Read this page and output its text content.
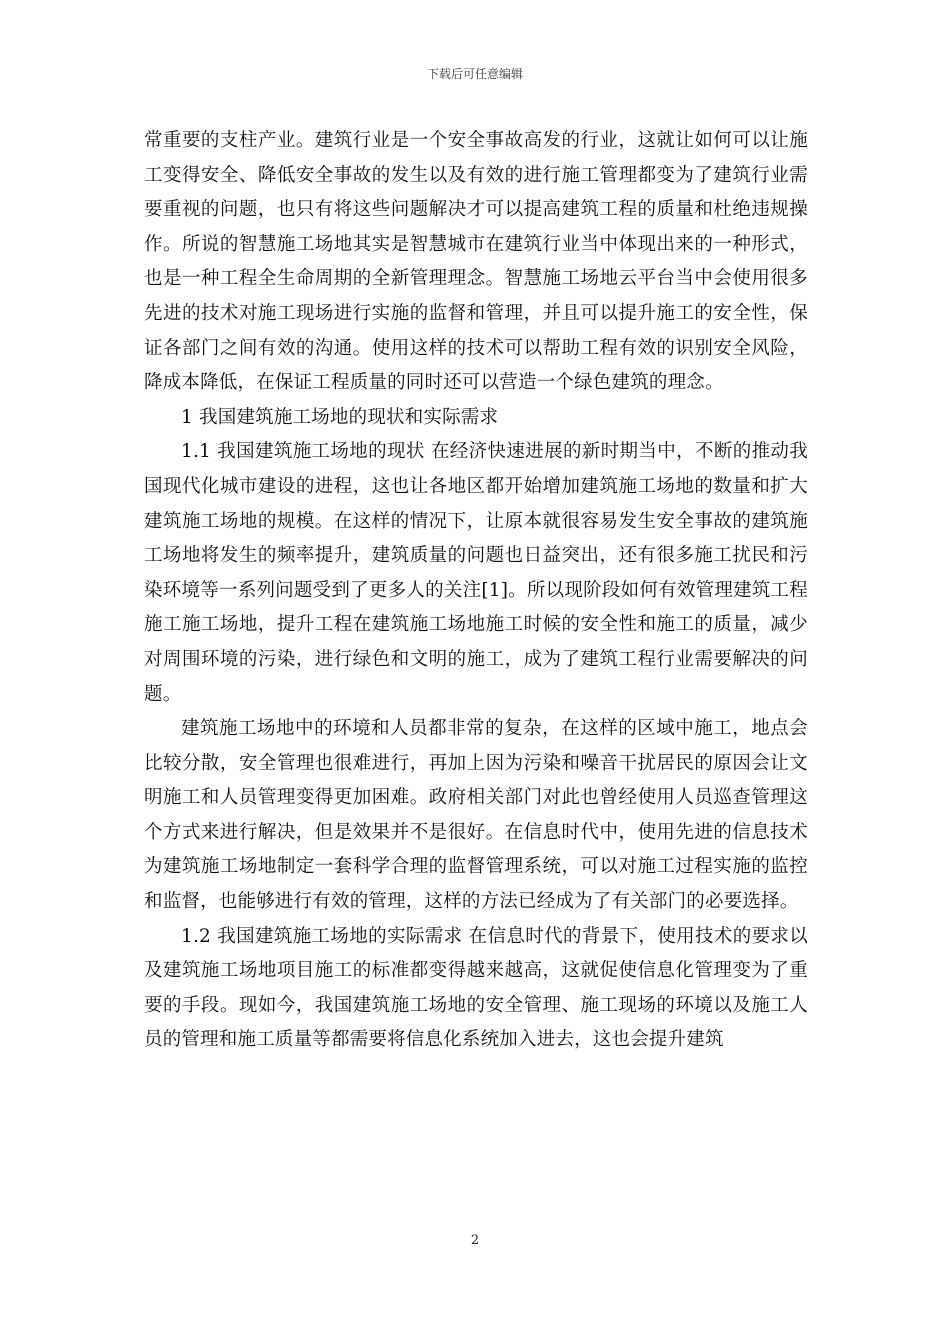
下载后可任意编辑

常重要的支柱产业。建筑行业是一个安全事故高发的行业，这就让如何可以让施工变得安全、降低安全事故的发生以及有效的进行施工管理都变为了建筑行业需要重视的问题，也只有将这些问题解决才可以提高建筑工程的质量和杜绝违规操作。所说的智慧施工场地其实是智慧城市在建筑行业当中体现出来的一种形式，也是一种工程全生命周期的全新管理理念。智慧施工场地云平台当中会使用很多先进的技术对施工现场进行实施的监督和管理，并且可以提升施工的安全性，保证各部门之间有效的沟通。使用这样的技术可以帮助工程有效的识别安全风险，降成本降低，在保证工程质量的同时还可以营造一个绿色建筑的理念。

1 我国建筑施工场地的现状和实际需求

1.1 我国建筑施工场地的现状 在经济快速进展的新时期当中，不断的推动我国现代化城市建设的进程，这也让各地区都开始增加建筑施工场地的数量和扩大建筑施工场地的规模。在这样的情况下，让原本就很容易发生安全事故的建筑施工场地将发生的频率提升，建筑质量的问题也日益突出，还有很多施工扰民和污染环境等一系列问题受到了更多人的关注[1]。所以现阶段如何有效管理建筑工程施工施工场地，提升工程在建筑施工场地施工时候的安全性和施工的质量，减少对周围环境的污染，进行绿色和文明的施工，成为了建筑工程行业需要解决的问题。

建筑施工场地中的环境和人员都非常的复杂，在这样的区域中施工，地点会比较分散，安全管理也很难进行，再加上因为污染和噪音干扰居民的原因会让文明施工和人员管理变得更加困难。政府相关部门对此也曾经使用人员巡查管理这个方式来进行解决，但是效果并不是很好。在信息时代中，使用先进的信息技术为建筑施工场地制定一套科学合理的监督管理系统，可以对施工过程实施的监控和监督，也能够进行有效的管理，这样的方法已经成为了有关部门的必要选择。

1.2 我国建筑施工场地的实际需求 在信息时代的背景下，使用技术的要求以及建筑施工场地项目施工的标准都变得越来越高，这就促使信息化管理变为了重要的手段。现如今，我国建筑施工场地的安全管理、施工现场的环境以及施工人员的管理和施工质量等都需要将信息化系统加入进去，这也会提升建筑

2
